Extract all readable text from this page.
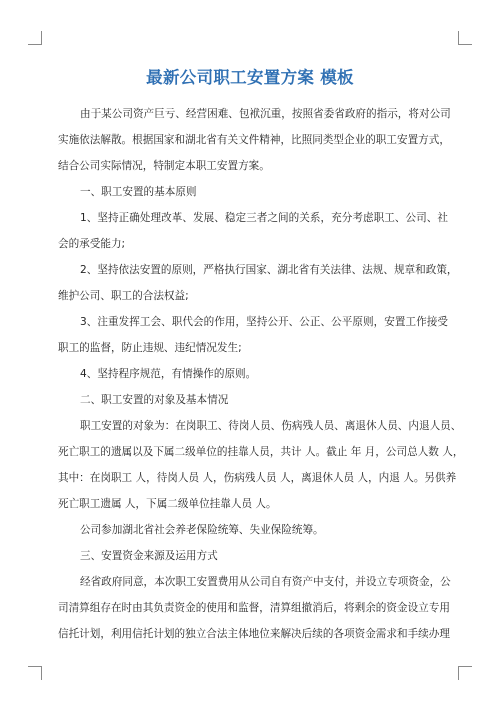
最新公司职工安置方案 模板
由于某公司资产巨亏、经营困难、包袱沉重，按照省委省政府的指示，将对公司
实施依法解散。根据国家和湖北省有关文件精神，比照同类型企业的职工安置方式，
结合公司实际情况，特制定本职工安置方案。
一、职工安置的基本原则
1、坚持正确处理改革、发展、稳定三者之间的关系，充分考虑职工、公司、社
会的承受能力;
2、坚持依法安置的原则，严格执行国家、湖北省有关法律、法规、规章和政策，
维护公司、职工的合法权益;
3、注重发挥工会、职代会的作用，坚持公开、公正、公平原则，安置工作接受
职工的监督，防止违规、违纪情况发生;
4、坚持程序规范，有情操作的原则。
二、职工安置的对象及基本情况
职工安置的对象为：在岗职工、待岗人员、伤病残人员、离退休人员、内退人员、
死亡职工的遗属以及下属二级单位的挂靠人员，共计 人。截止 年 月，公司总人数 人，
其中：在岗职工 人，待岗人员 人，伤病残人员 人，离退休人员 人，内退 人。另供养
死亡职工遗属 人，下属二级单位挂靠人员 人。
公司参加湖北省社会养老保险统筹、失业保险统筹。
三、安置资金来源及运用方式
经省政府同意，本次职工安置费用从公司自有资产中支付，并设立专项资金，公
司清算组存在时由其负责资金的使用和监督，清算组撤消后，将剩余的资金设立专用
信托计划，利用信托计划的独立合法主体地位来解决后续的各项资金需求和手续办理
